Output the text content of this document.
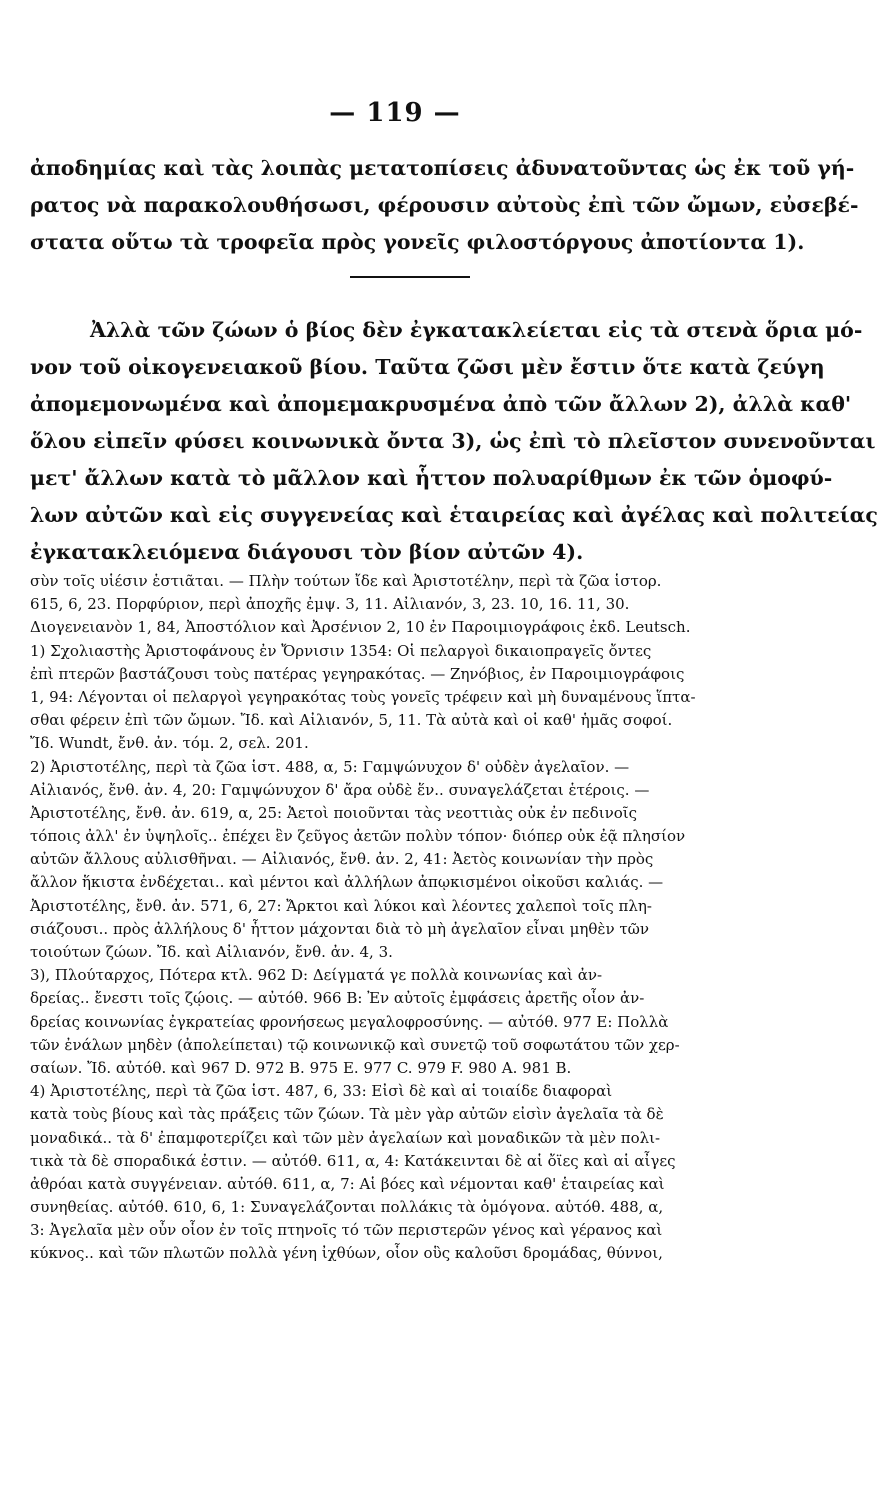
— 119 —
ἀποδημίας καὶ τὰς λοιπὰς μετατοπίσεις ἀδυνατοῦντας ὡς ἐκ τοῦ γή-
ρατος νὰ παρακολουθήσωσι, φέρουσιν αὐτοὺς ἐπὶ τῶν ὤμων, εὐσεβέ-
στατα οὕτω τὰ τροφεῖα πρὸς γονεῖς φιλοστόργους ἀποτίοντα 1).
Ἀλλὰ τῶν ζώων ὁ βίος δὲν ἐγκατακλείεται εἰς τὰ στενὰ ὅρια μό-
νον τοῦ οἰκογενειακοῦ βίου. Ταῦτα ζῶσι μὲν ἔστιν ὅτε κατὰ ζεύγη
ἀπομεμονωμένα καὶ ἀπομεμακρυσμένα ἀπὸ τῶν ἄλλων 2), ἀλλὰ καθ'
ὅλου εἰπεῖν φύσει κοινωνικὰ ὄντα 3), ὡς ἐπὶ τὸ πλεῖστον συνενοῦνται
μετ' ἄλλων κατὰ τὸ μᾶλλον καὶ ἧττον πολυαρίθμων ἐκ τῶν ὁμοφύ-
λων αὐτῶν καὶ εἰς συγγενείας καὶ ἑταιρείας καὶ ἀγέλας καὶ πολιτείας
ἐγκατακλειόμενα διάγουσι τὸν βίον αὐτῶν 4).
σὺν τοῖς υἱέσιν ἑστιᾶται. — Πλὴν τούτων ἴδε καὶ Ἀριστοτέλην, περὶ τὰ ζῶα ἱστορ.
615, 6, 23. Πορφύριον, περὶ ἀποχῆς ἐμψ. 3, 11. Αἰλιανόν, 3, 23. 10, 16. 11, 30.
Διογενειανὸν 1, 84, Ἀποστόλιον καὶ Ἀρσένιον 2, 10 ἐν Παροιμιογράφοις ἐκδ. Leutsch.
1) Σχολιαστὴς Ἀριστοφάνους ἐν Ὄρνισιν 1354: Οἱ πελαργοὶ δικαιοπραγεῖς ὄντες
ἐπὶ πτερῶν βαστάζουσι τοὺς πατέρας γεγηρακότας. — Ζηνόβιος, ἐν Παροιμιογράφοις
1, 94: Λέγονται οἱ πελαργοὶ γεγηρακότας τοὺς γονεῖς τρέφειν καὶ μὴ δυναμένους ἵπτα-
σθαι φέρειν ἐπὶ τῶν ὤμων. Ἴδ. καὶ Αἰλιανόν, 5, 11. Τὰ αὐτὰ καὶ οἱ καθ' ἡμᾶς σοφοί.
Ἴδ. Wundt, ἔνθ. ἀν. τόμ. 2, σελ. 201.
2) Ἀριστοτέλης, περὶ τὰ ζῶα ἱστ. 488, α, 5: Γαμψώνυχον δ' οὐδὲν ἀγελαῖον. —
Αἰλιανός, ἔνθ. ἀν. 4, 20: Γαμψώνυχον δ' ἄρα οὐδὲ ἕν.. συναγελάζεται ἑτέροις. —
Ἀριστοτέλης, ἔνθ. ἀν. 619, α, 25: Ἀετοὶ ποιοῦνται τὰς νεοττιὰς οὐκ ἐν πεδινοῖς
τόποις ἀλλ' ἐν ὑψηλοῖς.. ἐπέχει ἓν ζεῦγος ἀετῶν πολὺν τόπον· διόπερ οὐκ ἐᾷ πλησίον
αὐτῶν ἄλλους αὐλισθῆναι. — Αἰλιανός, ἔνθ. ἀν. 2, 41: Ἀετὸς κοινωνίαν τὴν πρὸς
ἄλλον ἥκιστα ἐνδέχεται.. καὶ μέντοι καὶ ἀλλήλων ἀπῳκισμένοι οἰκοῦσι καλιάς. —
Ἀριστοτέλης, ἔνθ. ἀν. 571, 6, 27: Ἄρκτοι καὶ λύκοι καὶ λέοντες χαλεποὶ τοῖς πλη-
σιάζουσι.. πρὸς ἀλλήλους δ' ἧττον μάχονται διὰ τὸ μὴ ἀγελαῖον εἶναι μηθὲν τῶν
τοιούτων ζώων. Ἴδ. καὶ Αἰλιανόν, ἔνθ. ἀν. 4, 3.
3), Πλούταρχος, Πότερα κτλ. 962 D: Δείγματά γε πολλὰ κοινωνίας καὶ ἀν-
δρείας.. ἔνεστι τοῖς ζῴοις. — αὐτόθ. 966 B: Ἐν αὐτοῖς ἐμφάσεις ἀρετῆς οἷον ἀν-
δρείας κοινωνίας ἐγκρατείας φρονήσεως μεγαλοφροσύνης. — αὐτόθ. 977 E: Πολλὰ
τῶν ἐνάλων μηδὲν (ἀπολείπεται) τῷ κοινωνικῷ καὶ συνετῷ τοῦ σοφωτάτου τῶν χερ-
σαίων. Ἴδ. αὐτόθ. καὶ 967 D. 972 B. 975 E. 977 C. 979 F. 980 A. 981 B.
4) Ἀριστοτέλης, περὶ τὰ ζῶα ἱστ. 487, 6, 33: Εἰσὶ δὲ καὶ αἱ τοιαίδε διαφοραὶ
κατὰ τοὺς βίους καὶ τὰς πράξεις τῶν ζώων. Τὰ μὲν γὰρ αὐτῶν εἰσὶν ἀγελαῖα τὰ δὲ
μοναδικά.. τὰ δ' ἐπαμφοτερίζει καὶ τῶν μὲν ἀγελαίων καὶ μοναδικῶν τὰ μὲν πολι-
τικὰ τὰ δὲ σποραδικά ἐστιν. — αὐτόθ. 611, α, 4: Κατάκεινται δὲ αἱ ὄϊες καὶ αἱ αἶγες
ἀθρόαι κατὰ συγγένειαν. αὐτόθ. 611, α, 7: Αἱ βόες καὶ νέμονται καθ' ἑταιρείας καὶ
συνηθείας. αὐτόθ. 610, 6, 1: Συναγελάζονται πολλάκις τὰ ὁμόγονα. αὐτόθ. 488, α,
3: Ἀγελαῖα μὲν οὖν οἷον ἐν τοῖς πτηνοῖς τό τῶν περιστερῶν γένος καὶ γέρανος καὶ
κύκνος.. καὶ τῶν πλωτῶν πολλὰ γένη ἰχθύων, οἷον οὓς καλοῦσι δρομάδας, θύννοι,
